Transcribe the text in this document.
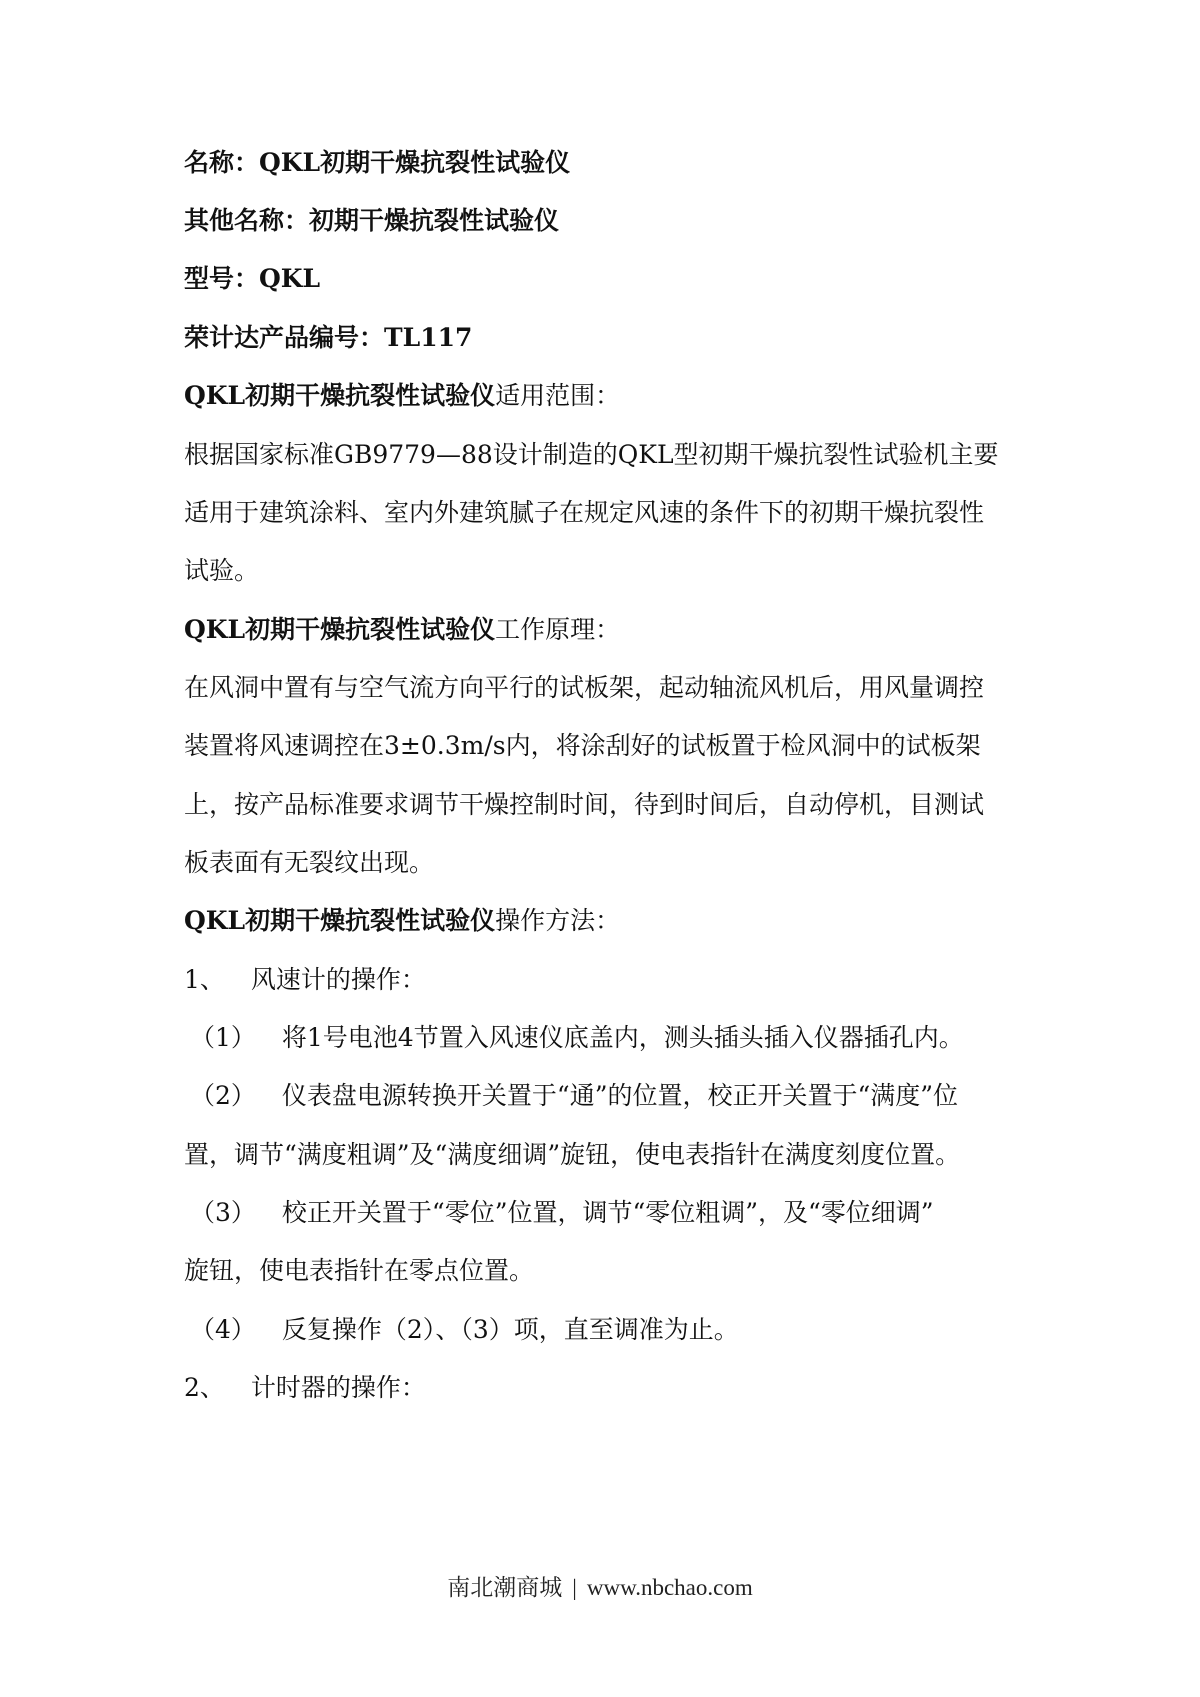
名称：QKL初期干燥抗裂性试验仪
其他名称：初期干燥抗裂性试验仪
型号：QKL
荣计达产品编号：TL117
QKL初期干燥抗裂性试验仪适用范围：
根据国家标准GB9779—88设计制造的QKL型初期干燥抗裂性试验机主要
适用于建筑涂料、室内外建筑腻子在规定风速的条件下的初期干燥抗裂性
试验。
QKL初期干燥抗裂性试验仪工作原理：
在风洞中置有与空气流方向平行的试板架，起动轴流风机后，用风量调控
装置将风速调控在3±0.3m/s内，将涂刮好的试板置于检风洞中的试板架
上，按产品标准要求调节干燥控制时间，待到时间后，自动停机，目测试
板表面有无裂纹出现。
QKL初期干燥抗裂性试验仪操作方法：
1、 风速计的操作：
（1） 将1号电池4节置入风速仪底盖内，测头插头插入仪器插孔内。
（2） 仪表盘电源转换开关置于“通”的位置，校正开关置于“满度”位
置，调节“满度粗调”及“满度细调”旋钮，使电表指针在满度刻度位置。
（3） 校正开关置于“零位”位置，调节“零位粗调”，及“零位细调”
旋钮，使电表指针在零点位置。
（4） 反复操作（2）、（3）项，直至调准为止。
2、 计时器的操作：
南北潮商城 | www.nbchao.com
